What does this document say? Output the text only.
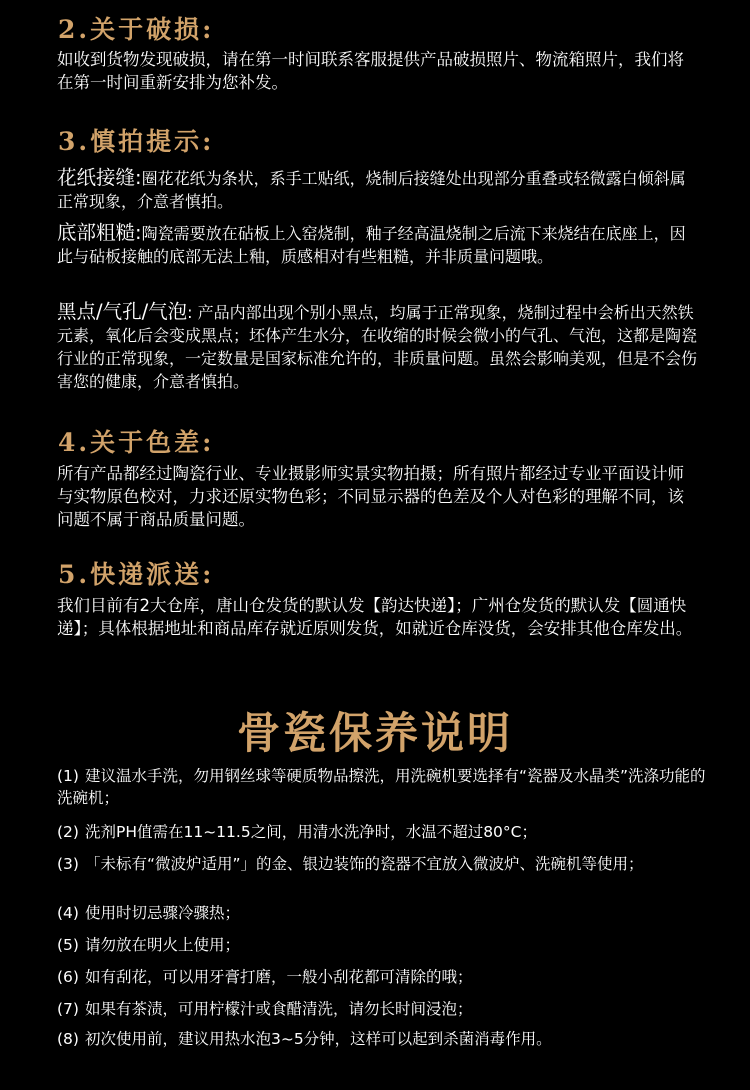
2.关于破损:

如收到货物发现破损，请在第一时间联系客服提供产品破损照片、物流箱照片，我们将在第一时间重新安排为您补发。

3.慎拍提示:

花纸接缝:圈花花纸为条状，系手工贴纸，烧制后接缝处出现部分重叠或轻微露白倾斜属正常现象，介意者慎拍。

底部粗糙:陶瓷需要放在砧板上入窑烧制，釉子经高温烧制之后流下来烧结在底座上，因此与砧板接触的底部无法上釉，质感相对有些粗糙，并非质量问题哦。

黑点/气孔/气泡: 产品内部出现个别小黑点，均属于正常现象，烧制过程中会析出天然铁元素，氧化后会变成黑点；坯体产生水分，在收缩的时候会微小的气孔、气泡，这都是陶瓷行业的正常现象，一定数量是国家标准允许的，非质量问题。虽然会影响美观，但是不会伤害您的健康，介意者慎拍。

4.关于色差:

所有产品都经过陶瓷行业、专业摄影师实景实物拍摄；所有照片都经过专业平面设计师与实物原色校对，力求还原实物色彩；不同显示器的色差及个人对色彩的理解不同，该问题不属于商品质量问题。

5.快递派送:

我们目前有2大仓库，唐山仓发货的默认发【韵达快递】；广州仓发货的默认发【圆通快递】；具体根据地址和商品库存就近原则发货，如就近仓库没货，会安排其他仓库发出。

骨瓷保养说明
(1) 建议温水手洗，勿用钢丝球等硬质物品擦洗，用洗碗机要选择有“瓷器及水晶类”洗涤功能的洗碗机；
(2) 洗剂PH值需在11~11.5之间，用清水洗净时，水温不超过80°C；
(3) 「未标有“微波炉适用”」的金、银边装饰的瓷器不宜放入微波炉、洗碗机等使用；
(4) 使用时切忌骤冷骤热；
(5) 请勿放在明火上使用；
(6) 如有刮花，可以用牙膏打磨，一般小刮花都可清除的哦；
(7) 如果有茶渍，可用柠檬汁或食醋清洗，请勿长时间浸泡；
(8) 初次使用前，建议用热水泡3~5分钟，这样可以起到杀菌消毒作用。
